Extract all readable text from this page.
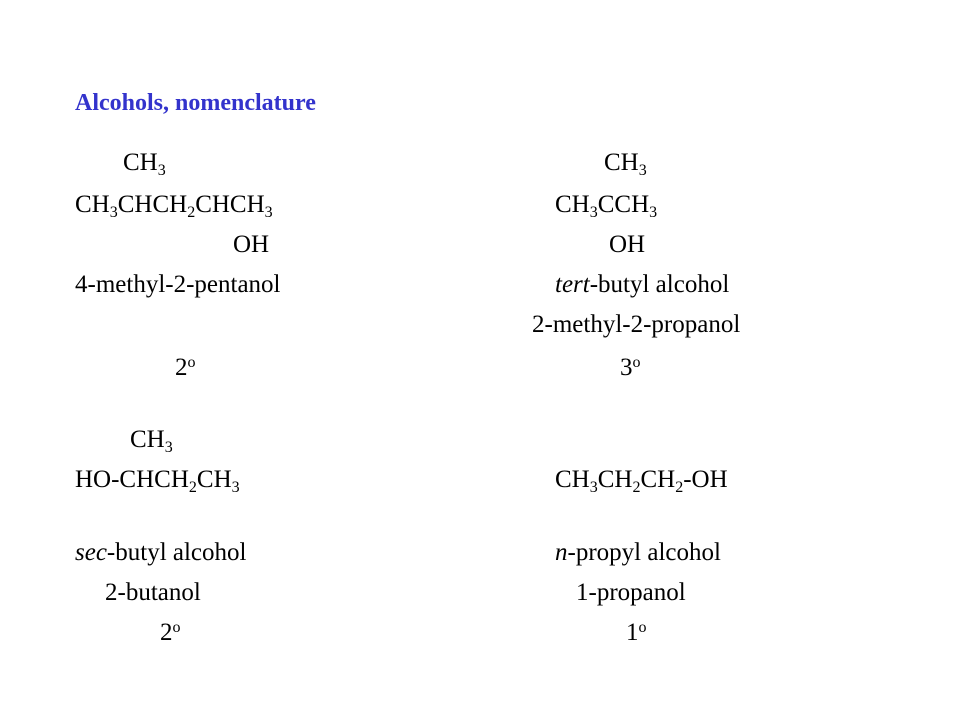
Alcohols, nomenclature
$CH_3$
$CH_3CHCH_2CHCH_3$
OH
4-methyl-2-pentanol
2$^o$
$CH_3$
$CH_3CCH_3$
OH
tert-butyl alcohol
2-methyl-2-propanol
3$^o$
$CH_3$
$HO-CHCH_2CH_3$
sec-butyl alcohol
2-butanol
2$^o$
$CH_3CH_2CH_2-OH$
n-propyl alcohol
1-propanol
1$^o$
